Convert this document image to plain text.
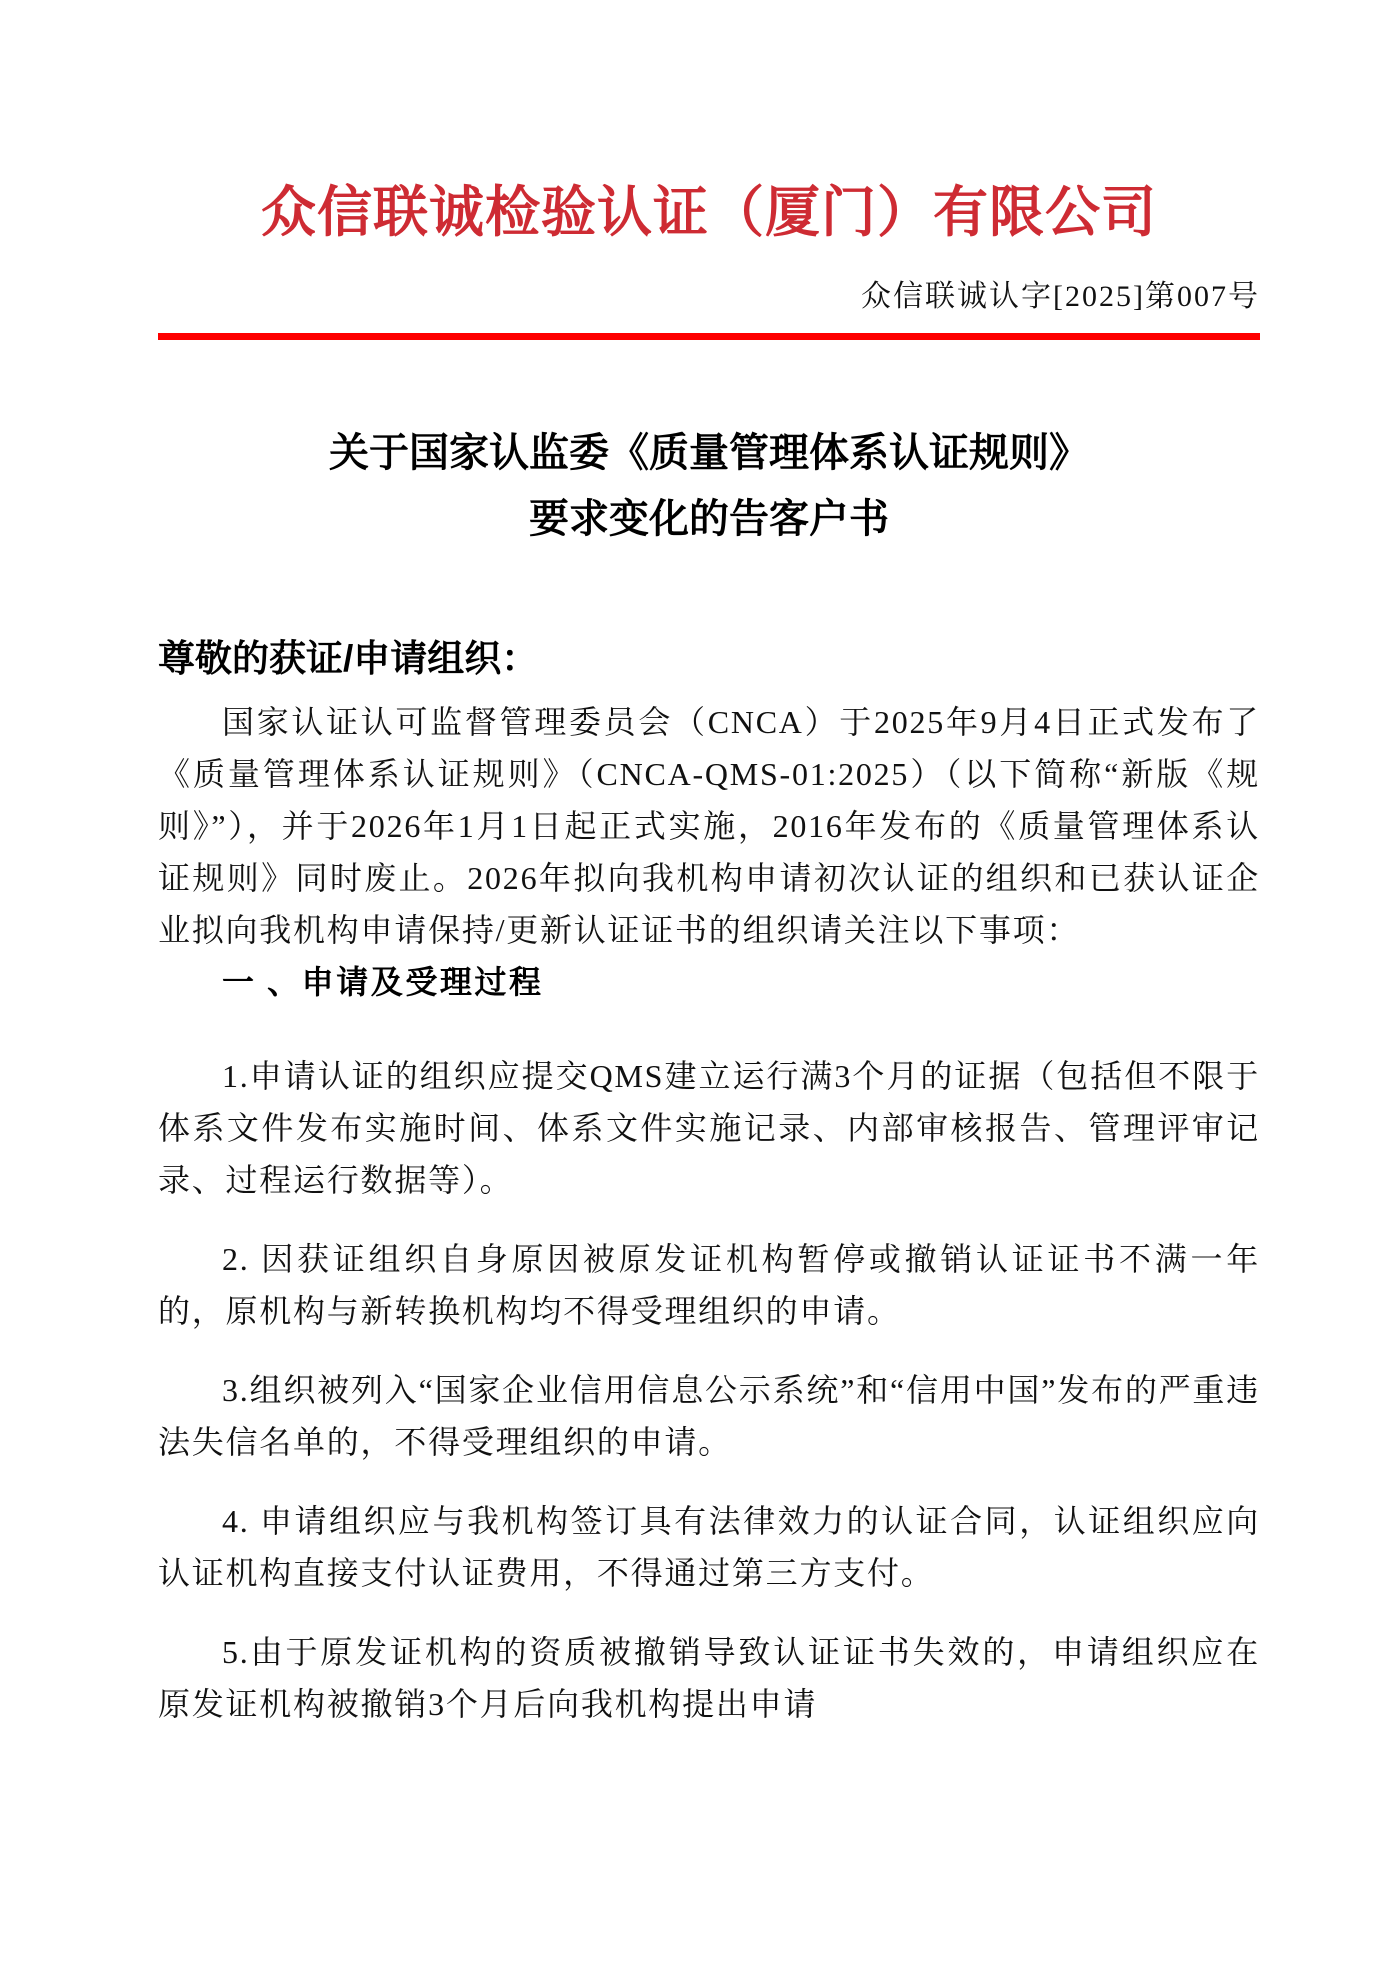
众信联诚检验认证（厦门）有限公司
众信联诚认字[2025]第007号
关于国家认监委《质量管理体系认证规则》
要求变化的告客户书
尊敬的获证/申请组织：

国家认证认可监督管理委员会（CNCA）于2025年9月4日正式发布了《质量管理体系认证规则》（CNCA-QMS-01:2025）（以下简称“新版《规则》”），并于2026年1月1日起正式实施，2016年发布的《质量管理体系认证规则》同时废止。2026年拟向我机构申请初次认证的组织和已获认证企业拟向我机构申请保持/更新认证证书的组织请关注以下事项：

一 、申请及受理过程

1.申请认证的组织应提交QMS建立运行满3个月的证据（包括但不限于体系文件发布实施时间、体系文件实施记录、内部审核报告、管理评审记录、过程运行数据等）。

2. 因获证组织自身原因被原发证机构暂停或撤销认证证书不满一年的，原机构与新转换机构均不得受理组织的申请。

3.组织被列入“国家企业信用信息公示系统”和“信用中国”发布的严重违法失信名单的，不得受理组织的申请。

4. 申请组织应与我机构签订具有法律效力的认证合同，认证组织应向认证机构直接支付认证费用，不得通过第三方支付。

5.由于原发证机构的资质被撤销导致认证证书失效的，申请组织应在原发证机构被撤销3个月后向我机构提出申请
